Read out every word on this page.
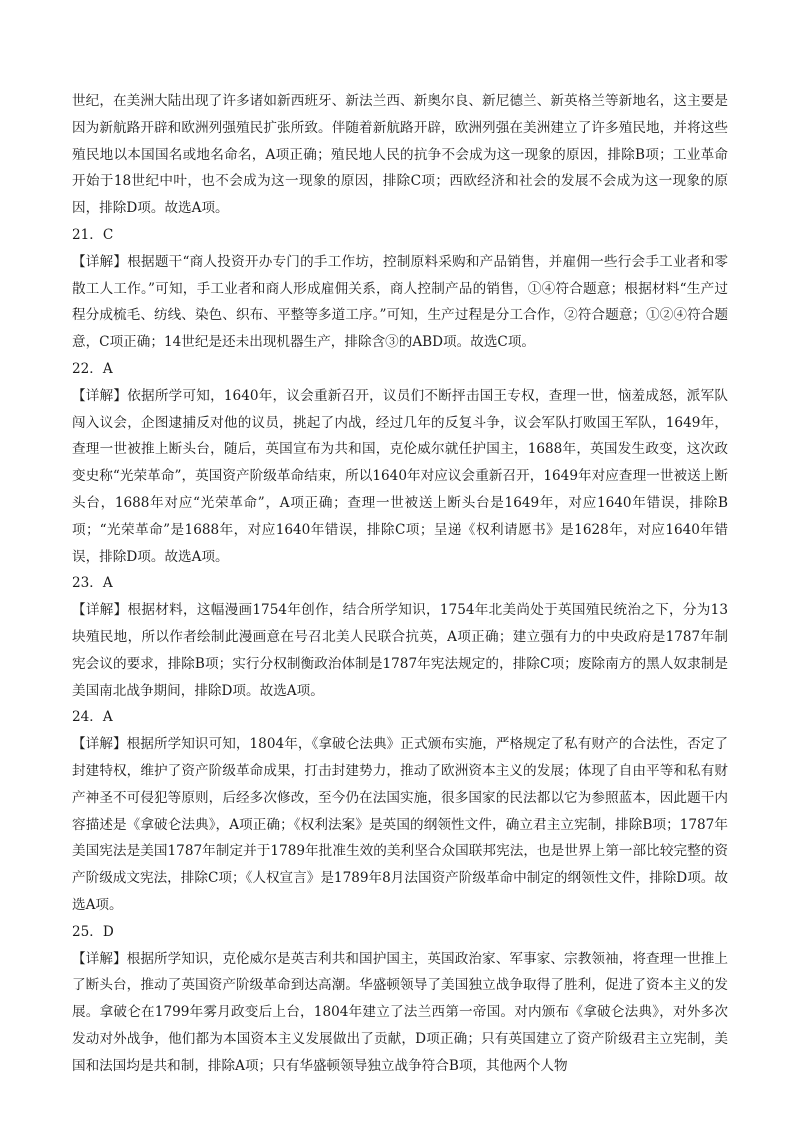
世纪，在美洲大陆出现了许多诸如新西班牙、新法兰西、新奥尔良、新尼德兰、新英格兰等新地名，这主要是因为新航路开辟和欧洲列强殖民扩张所致。伴随着新航路开辟，欧洲列强在美洲建立了许多殖民地，并将这些殖民地以本国国名或地名命名，A项正确；殖民地人民的抗争不会成为这一现象的原因，排除B项；工业革命开始于18世纪中叶，也不会成为这一现象的原因，排除C项；西欧经济和社会的发展不会成为这一现象的原因，排除D项。故选A项。

21．C

【详解】根据题干“商人投资开办专门的手工作坊，控制原料采购和产品销售，并雇佣一些行会手工业者和零散工人工作。”可知，手工业者和商人形成雇佣关系，商人控制产品的销售，①④符合题意；根据材料“生产过程分成梳毛、纺线、染色、织布、平整等多道工序。”可知，生产过程是分工合作，②符合题意；①②④符合题意，C项正确；14世纪是还未出现机器生产，排除含③的ABD项。故选C项。

22．A

【详解】依据所学可知，1640年，议会重新召开，议员们不断抨击国王专权，查理一世，恼羞成怒，派军队闯入议会，企图逮捕反对他的议员，挑起了内战，经过几年的反复斗争，议会军队打败国王军队，1649年，查理一世被推上断头台，随后，英国宣布为共和国，克伦威尔就任护国主，1688年，英国发生政变，这次政变史称“光荣革命”，英国资产阶级革命结束，所以1640年对应议会重新召开，1649年对应查理一世被送上断头台，1688年对应“光荣革命”，A项正确；查理一世被送上断头台是1649年，对应1640年错误，排除B项；“光荣革命”是1688年，对应1640年错误，排除C项；呈递《权利请愿书》是1628年，对应1640年错误，排除D项。故选A项。

23．A

【详解】根据材料，这幅漫画1754年创作，结合所学知识，1754年北美尚处于英国殖民统治之下，分为13块殖民地，所以作者绘制此漫画意在号召北美人民联合抗英，A项正确；建立强有力的中央政府是1787年制宪会议的要求，排除B项；实行分权制衡政治体制是1787年宪法规定的，排除C项；废除南方的黑人奴隶制是美国南北战争期间，排除D项。故选A项。

24．A

【详解】根据所学知识可知，1804年，《拿破仑法典》正式颁布实施，严格规定了私有财产的合法性，否定了封建特权，维护了资产阶级革命成果，打击封建势力，推动了欧洲资本主义的发展；体现了自由平等和私有财产神圣不可侵犯等原则，后经多次修改，至今仍在法国实施，很多国家的民法都以它为参照蓝本，因此题干内容描述是《拿破仑法典》，A项正确；《权利法案》是英国的纲领性文件，确立君主立宪制，排除B项；1787年美国宪法是美国1787年制定并于1789年批准生效的美利坚合众国联邦宪法，也是世界上第一部比较完整的资产阶级成文宪法，排除C项；《人权宣言》是1789年8月法国资产阶级革命中制定的纲领性文件，排除D项。故选A项。

25．D

【详解】根据所学知识，克伦威尔是英吉利共和国护国主，英国政治家、军事家、宗教领袖，将查理一世推上了断头台，推动了英国资产阶级革命到达高潮。华盛顿领导了美国独立战争取得了胜利，促进了资本主义的发展。拿破仑在1799年雾月政变后上台，1804年建立了法兰西第一帝国。对内颁布《拿破仑法典》，对外多次发动对外战争，他们都为本国资本主义发展做出了贡献，D项正确；只有英国建立了资产阶级君主立宪制，美国和法国均是共和制，排除A项；只有华盛顿领导独立战争符合B项，其他两个人物
